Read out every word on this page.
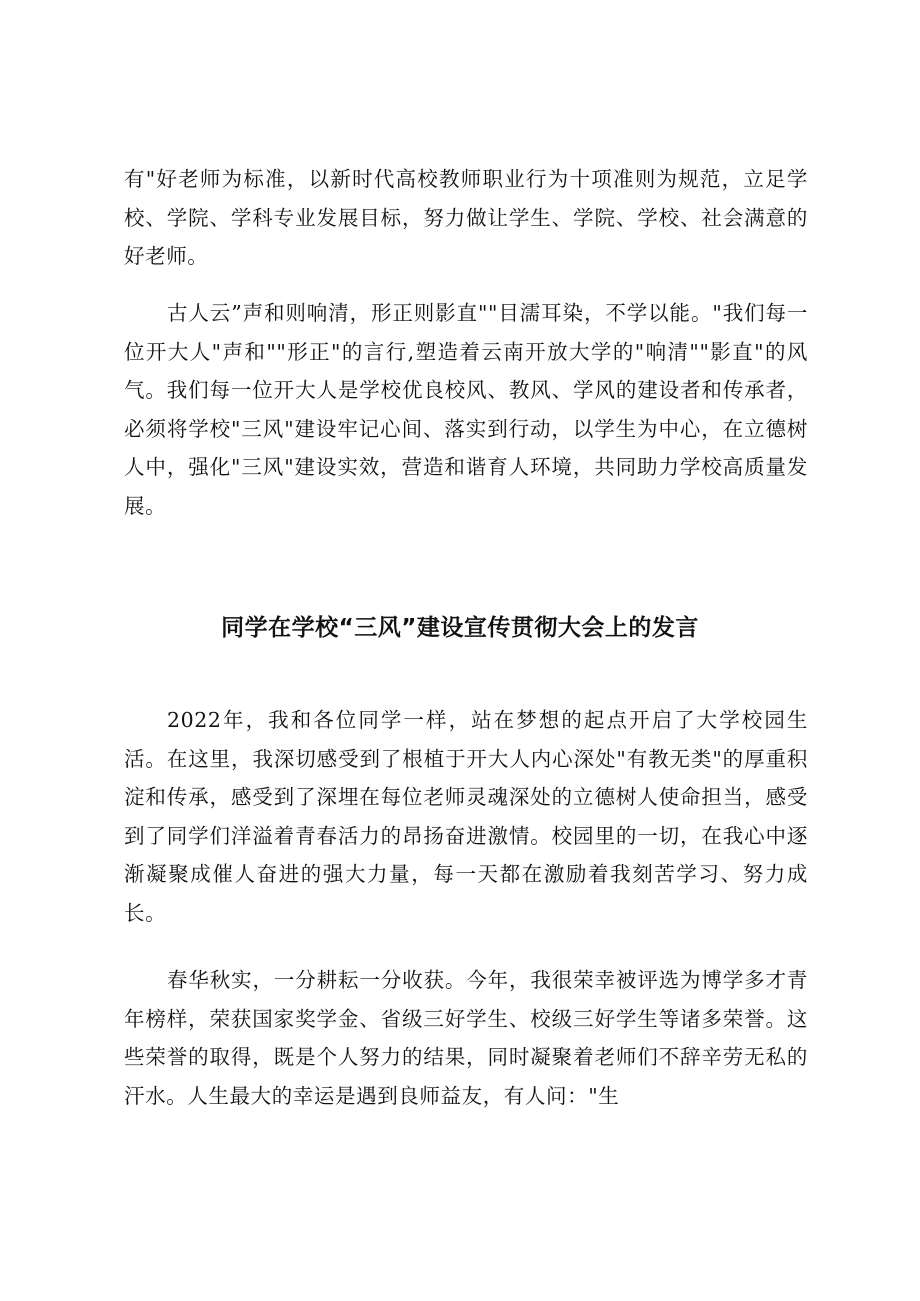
有"好老师为标准，以新时代高校教师职业行为十项准则为规范，立足学校、学院、学科专业发展目标，努力做让学生、学院、学校、社会满意的好老师。

古人云”声和则响清，形正则影直""目濡耳染，不学以能。"我们每一位开大人"声和""形正"的言行,塑造着云南开放大学的"响清""影直"的风气。我们每一位开大人是学校优良校风、教风、学风的建设者和传承者，必须将学校"三风"建设牢记心间、落实到行动，以学生为中心，在立德树人中，强化"三风"建设实效，营造和谐育人环境，共同助力学校高质量发展。

同学在学校“三风”建设宣传贯彻大会上的发言

2022年，我和各位同学一样，站在梦想的起点开启了大学校园生活。在这里，我深切感受到了根植于开大人内心深处"有教无类"的厚重积淀和传承，感受到了深埋在每位老师灵魂深处的立德树人使命担当，感受到了同学们洋溢着青春活力的昂扬奋进激情。校园里的一切，在我心中逐渐凝聚成催人奋进的强大力量，每一天都在激励着我刻苦学习、努力成长。

春华秋实，一分耕耘一分收获。今年，我很荣幸被评选为博学多才青年榜样，荣获国家奖学金、省级三好学生、校级三好学生等诸多荣誉。这些荣誉的取得，既是个人努力的结果，同时凝聚着老师们不辞辛劳无私的汗水。人生最大的幸运是遇到良师益友，有人问："生
